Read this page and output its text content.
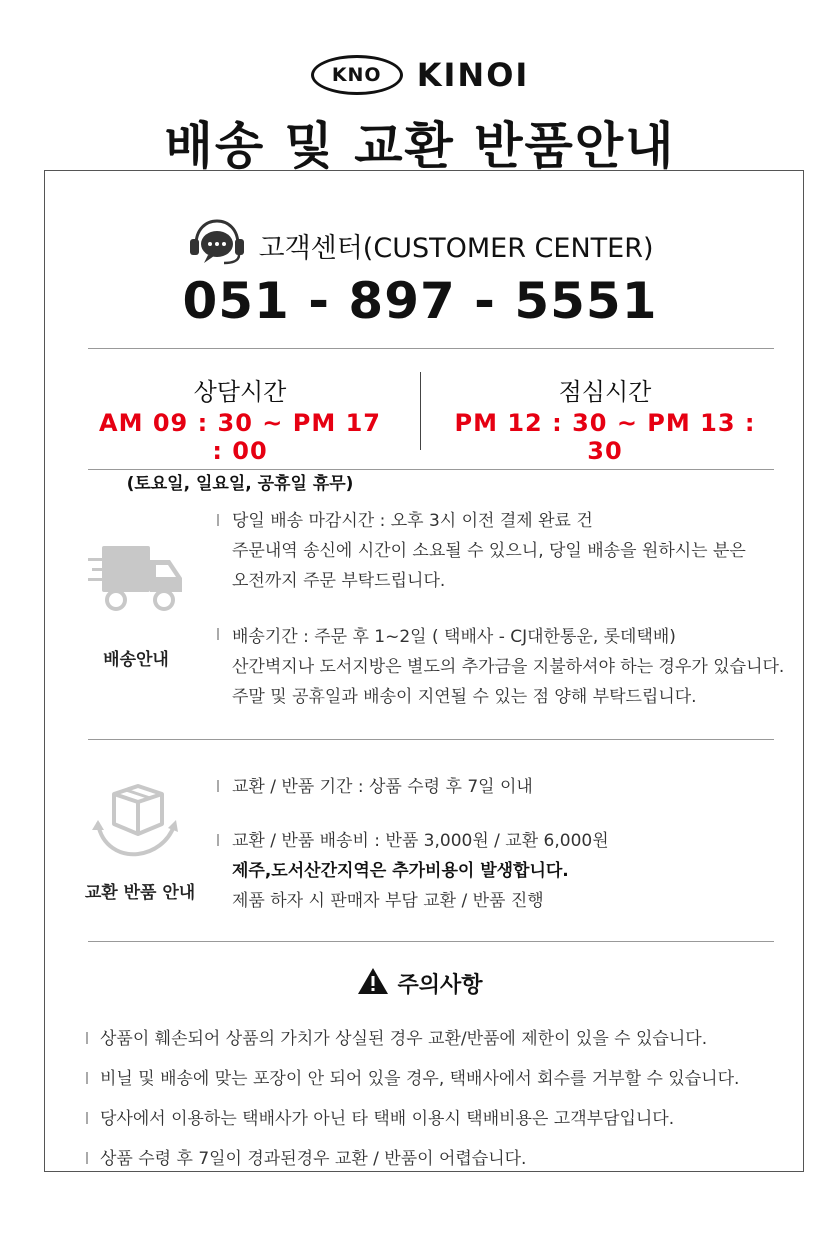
KNO	KINOI
배송 및 교환 반품안내
고객센터(CUSTOMER CENTER)
051 - 897 - 5551
상담시간
AM 09 : 30 ~ PM 17 : 00
(토요일, 일요일, 공휴일 휴무)
점심시간
PM 12 : 30 ~ PM 13 : 30
배송안내
당일 배송 마감시간 : 오후 3시 이전 결제 완료 건
주문내역 송신에 시간이 소요될 수 있으니, 당일 배송을 원하시는 분은
오전까지 주문 부탁드립니다.
배송기간 : 주문 후 1~2일 ( 택배사 - CJ대한통운, 롯데택배)
산간벽지나 도서지방은 별도의 추가금을 지불하셔야 하는 경우가 있습니다.
주말 및 공휴일과 배송이 지연될 수 있는 점 양해 부탁드립니다.
교환 반품 안내
교환 / 반품 기간 : 상품 수령 후 7일 이내
교환 / 반품 배송비 : 반품 3,000원 / 교환 6,000원
제주,도서산간지역은 추가비용이 발생합니다.
제품 하자 시 판매자 부담 교환 / 반품 진행
주의사항
상품이 훼손되어 상품의 가치가 상실된 경우 교환/반품에 제한이 있을 수 있습니다.
비닐 및 배송에 맞는 포장이 안 되어 있을 경우, 택배사에서 회수를 거부할 수 있습니다.
당사에서 이용하는 택배사가 아닌 타 택배 이용시 택배비용은 고객부담입니다.
상품 수령 후 7일이 경과된경우 교환 / 반품이 어렵습니다.
